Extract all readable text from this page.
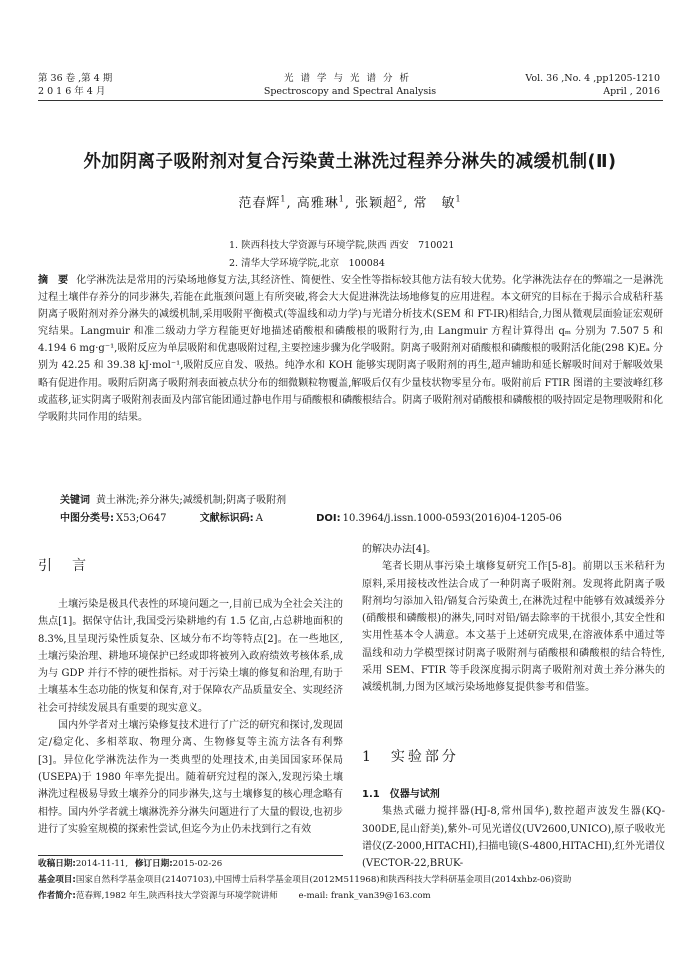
第 36 卷 ,第 4 期
2 0 1 6 年 4 月
光谱学与光谱分析
Spectroscopy and Spectral Analysis
Vol. 36 ,No. 4 ,pp1205-1210
April , 2016
外加阴离子吸附剂对复合污染黄土淋洗过程养分淋失的减缓机制(Ⅱ)
范春辉$^1$, 高雅琳$^1$, 张颖超$^2$, 常　敏$^1$
1. 陕西科技大学资源与环境学院,陕西 西安　710021
2. 清华大学环境学院,北京　100084
摘　要 化学淋洗法是常用的污染场地修复方法,其经济性、简便性、安全性等指标较其他方法有较大优势。化学淋洗法存在的弊端之一是淋洗过程土壤伴存养分的同步淋失,若能在此瓶颈问题上有所突破,将会大大促进淋洗法场地修复的应用进程。本文研究的目标在于揭示合成秸秆基阴离子吸附剂对养分淋失的减缓机制,采用吸附平衡模式(等温线和动力学)与光谱分析技术(SEM 和 FT-IR)相结合,力图从微观层面验证宏观研究结果。Langmuir 和准二级动力学方程能更好地描述硝酸根和磷酸根的吸附行为,由 Langmuir 方程计算得出 qₘ 分别为 7.507 5 和 4.194 6 mg·g⁻¹,吸附反应为单层吸附和优惠吸附过程,主要控速步骤为化学吸附。阴离子吸附剂对硝酸根和磷酸根的吸附活化能(298 K)Eₐ 分别为 42.25 和 39.38 kJ·mol⁻¹,吸附反应自发、吸热。纯净水和 KOH 能够实现阴离子吸附剂的再生,超声辅助和延长解吸时间对于解吸效果略有促进作用。吸附后阴离子吸附剂表面被点状分布的细微颗粒物覆盖,解吸后仅有少量枝状物零星分布。吸附前后 FTIR 图谱的主要波峰红移或蓝移,证实阴离子吸附剂表面及内部官能团通过静电作用与硝酸根和磷酸根结合。阴离子吸附剂对硝酸根和磷酸根的吸持固定是物理吸附和化学吸附共同作用的结果。
关键词 黄土淋洗;养分淋失;减缓机制;阴离子吸附剂
中图分类号: X53;O647	文献标识码: A	DOI: 10.3964/j.issn.1000-0593(2016)04-1205-06
引　言

土壤污染是极具代表性的环境问题之一,目前已成为全社会关注的焦点[1]。据保守估计,我国受污染耕地约有 1.5 亿亩,占总耕地面积的 8.3%,且呈现污染性质复杂、区域分布不均等特点[2]。在一些地区,土壤污染治理、耕地环境保护已经或即将被列入政府绩效考核体系,成为与 GDP 并行不悖的硬性指标。对于污染土壤的修复和治理,有助于土壤基本生态功能的恢复和保育,对于保障农产品质量安全、实现经济社会可持续发展具有重要的现实意义。

国内外学者对土壤污染修复技术进行了广泛的研究和探讨,发现固定/稳定化、多相萃取、物理分离、生物修复等主流方法各有利弊[3]。异位化学淋洗法作为一类典型的处理技术,由美国国家环保局(USEPA)于 1980 年率先提出。随着研究过程的深入,发现污染土壤淋洗过程极易导致土壤养分的同步淋失,这与土壤修复的核心理念略有相悖。国内外学者就土壤淋洗养分淋失问题进行了大量的假设,也初步进行了实验室规模的探索性尝试,但迄今为止仍未找到行之有效

的解决办法[4]。

笔者长期从事污染土壤修复研究工作[5-8]。前期以玉米秸秆为原料,采用接枝改性法合成了一种阴离子吸附剂。发现将此阴离子吸附剂均匀添加入铅/镉复合污染黄土,在淋洗过程中能够有效减缓养分(硝酸根和磷酸根)的淋失,同时对铅/镉去除率的干扰很小,其安全性和实用性基本令人满意。本文基于上述研究成果,在溶液体系中通过等温线和动力学模型探讨阴离子吸附剂与硝酸根和磷酸根的结合特性,采用 SEM、FTIR 等手段深度揭示阴离子吸附剂对黄土养分淋失的减缓机制,力图为区域污染场地修复提供参考和借鉴。

1　实验部分
1.1　仪器与试剂

集热式磁力搅拌器(HJ-8,常州国华),数控超声波发生器(KQ-300DE,昆山舒美),紫外-可见光谱仪(UV2600,UNICO),原子吸收光谱仪(Z-2000,HITACHI),扫描电镜(S-4800,HITACHI),红外光谱仪(VECTOR-22,BRUK-

收稿日期:2014-11-11, 修订日期:2015-02-26
基金项目:国家自然科学基金项目(21407103),中国博士后科学基金项目(2012M511968)和陕西科技大学科研基金项目(2014xhbz-06)资助
作者简介:范春辉,1982 年生,陕西科技大学资源与环境学院讲师 e-mail: frank_van39@163.com
